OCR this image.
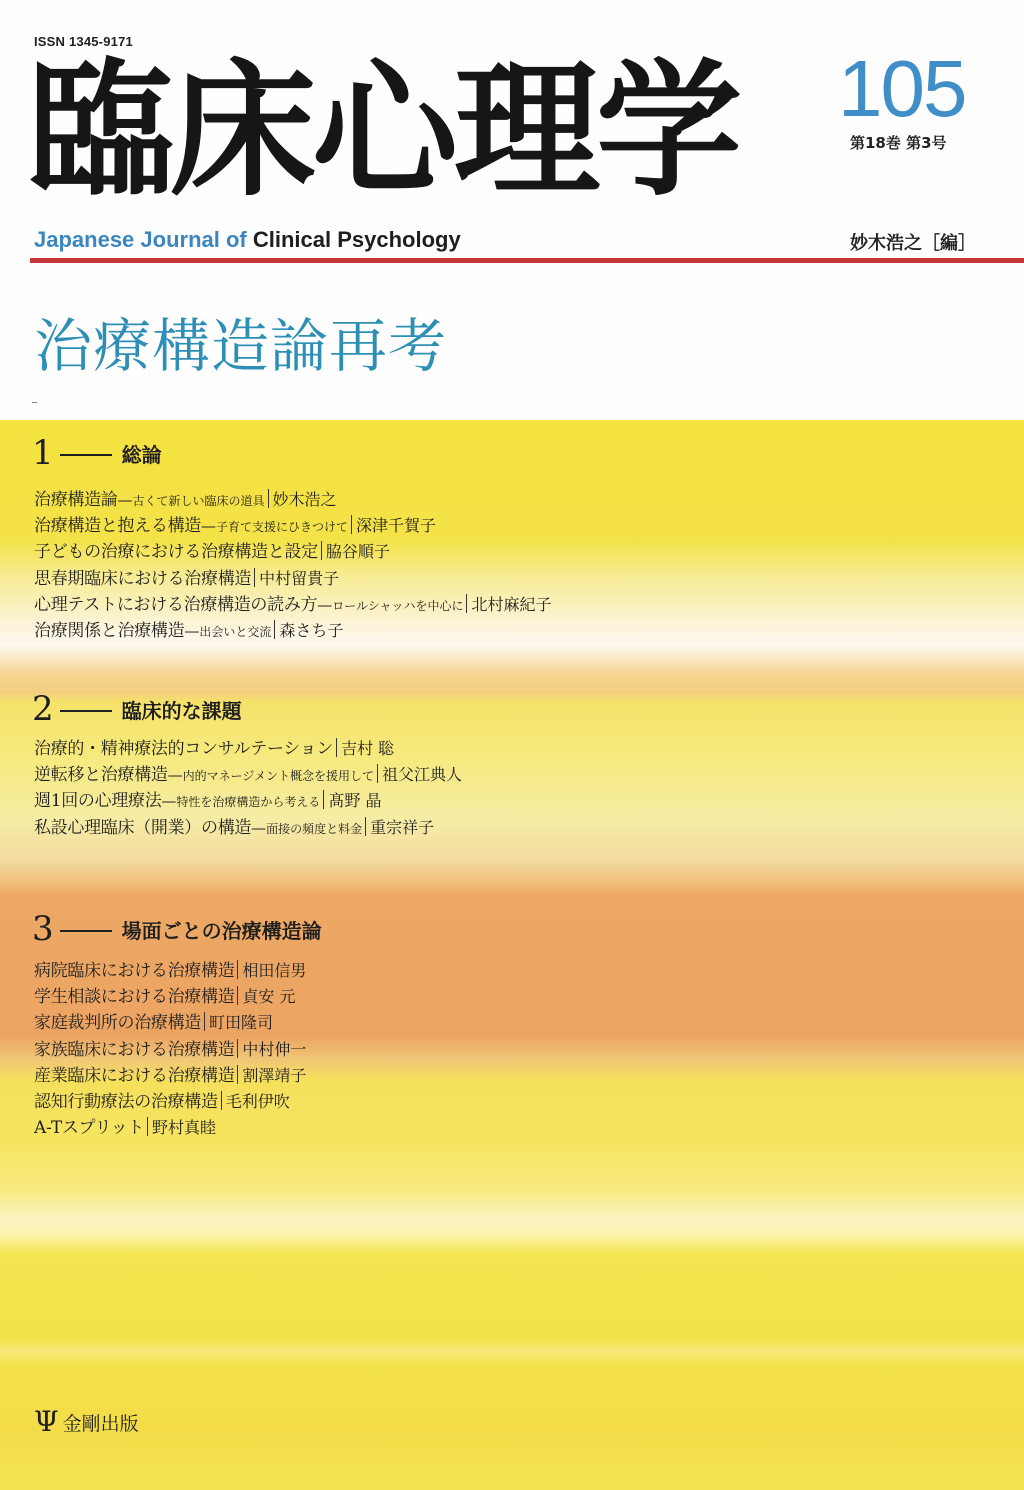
ISSN 1345-9171
臨床心理学 105
第18巻 第3号
Japanese Journal of Clinical Psychology	妙木浩之［編］
治療構造論再考
1	総論
治療構造論—古くて新しい臨床の道具 妙木浩之
治療構造と抱える構造—子育て支援にひきつけて 深津千賀子
子どもの治療における治療構造と設定 脇谷順子
思春期臨床における治療構造 中村留貴子
心理テストにおける治療構造の読み方—ロールシャッハを中心に 北村麻紀子
治療関係と治療構造—出会いと交流 森さち子
2	臨床的な課題
治療的・精神療法的コンサルテーション 吉村 聡
逆転移と治療構造—内的マネージメント概念を援用して 祖父江典人
週1回の心理療法—特性を治療構造から考える 髙野 晶
私設心理臨床（開業）の構造—面接の頻度と料金 重宗祥子
3	場面ごとの治療構造論
病院臨床における治療構造 相田信男
学生相談における治療構造 貞安 元
家庭裁判所の治療構造 町田隆司
家族臨床における治療構造 中村伸一
産業臨床における治療構造 割澤靖子
認知行動療法の治療構造 毛利伊吹
A-Tスプリット 野村真睦
Ψ 金剛出版
